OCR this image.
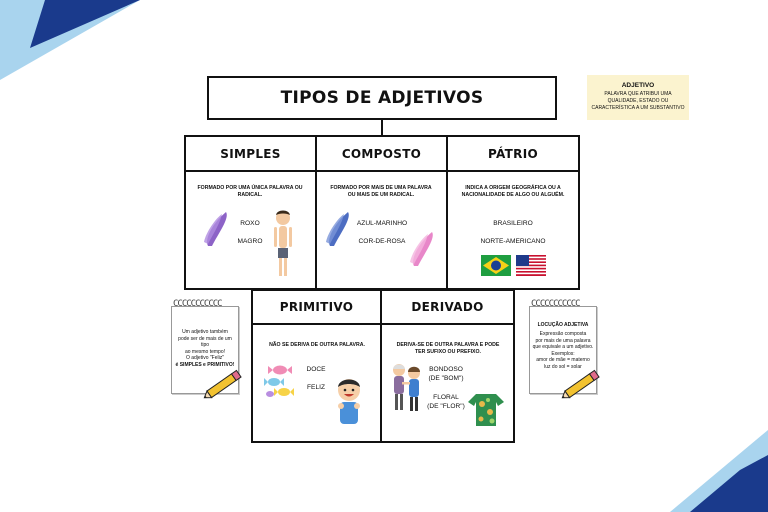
TIPOS DE ADJETIVOS
ADJETIVO
PALAVRA QUE ATRIBUI UMA QUALIDADE, ESTADO OU CARACTERÍSTICA A UM SUBSTANTIVO
SIMPLES
FORMADO POR UMA ÚNICA PALAVRA OU RADICAL.
ROXO
MAGRO
COMPOSTO
FORMADO POR MAIS DE UMA PALAVRA OU MAIS DE UM RADICAL.
AZUL-MARINHO
COR-DE-ROSA
PÁTRIO
INDICA A ORIGEM GEOGRÁFICA OU A NACIONALIDADE DE ALGO OU ALGUÉM.
BRASILEIRO
NORTE-AMERICANO
PRIMITIVO
NÃO SE DERIVA DE OUTRA PALAVRA.
DOCE
FELIZ
DERIVADO
DERIVA-SE DE OUTRA PALAVRA E PODE TER SUFIXO OU PREFIXO.
BONDOSO
(DE "BOM")
FLORAL
(DE "FLOR")
CCCCCCCCCCC
Um adjetivo também
pode ser de mais de um tipo
ao mesmo tempo!
O adjetivo "Feliz"
é SIMPLES e PRIMITIVO!
CCCCCCCCCCC
LOCUÇÃO ADJETIVA
Expressão composta
por mais de uma palavra
que equivale a um adjetivo.
Exemplos:
amor de mãe = materno
luz do sol = solar
